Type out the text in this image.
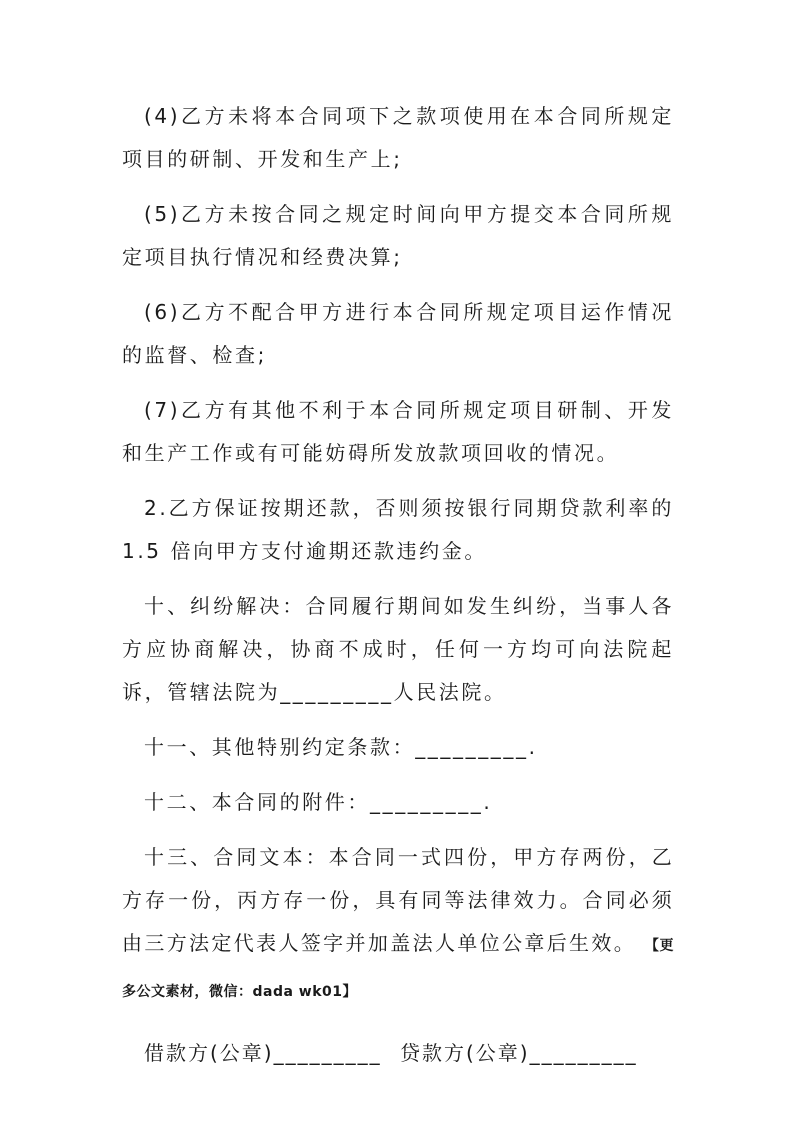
(4)乙方未将本合同项下之款项使用在本合同所规定项目的研制、开发和生产上;

(5)乙方未按合同之规定时间向甲方提交本合同所规定项目执行情况和经费决算;

(6)乙方不配合甲方进行本合同所规定项目运作情况的监督、检查;

(7)乙方有其他不利于本合同所规定项目研制、开发和生产工作或有可能妨碍所发放款项回收的情况。

2.乙方保证按期还款，否则须按银行同期贷款利率的 1.5 倍向甲方支付逾期还款违约金。

十、纠纷解决：合同履行期间如发生纠纷，当事人各方应协商解决，协商不成时，任何一方均可向法院起诉，管辖法院为_________人民法院。

十一、其他特别约定条款：_________.

十二、本合同的附件：_________.

十三、合同文本：本合同一式四份，甲方存两份，乙方存一份，丙方存一份，具有同等法律效力。合同必须由三方法定代表人签字并加盖法人单位公章后生效。 【更多公文素材，微信：dada wk01】

借款方(公章)_________ 贷款方(公章)_________
